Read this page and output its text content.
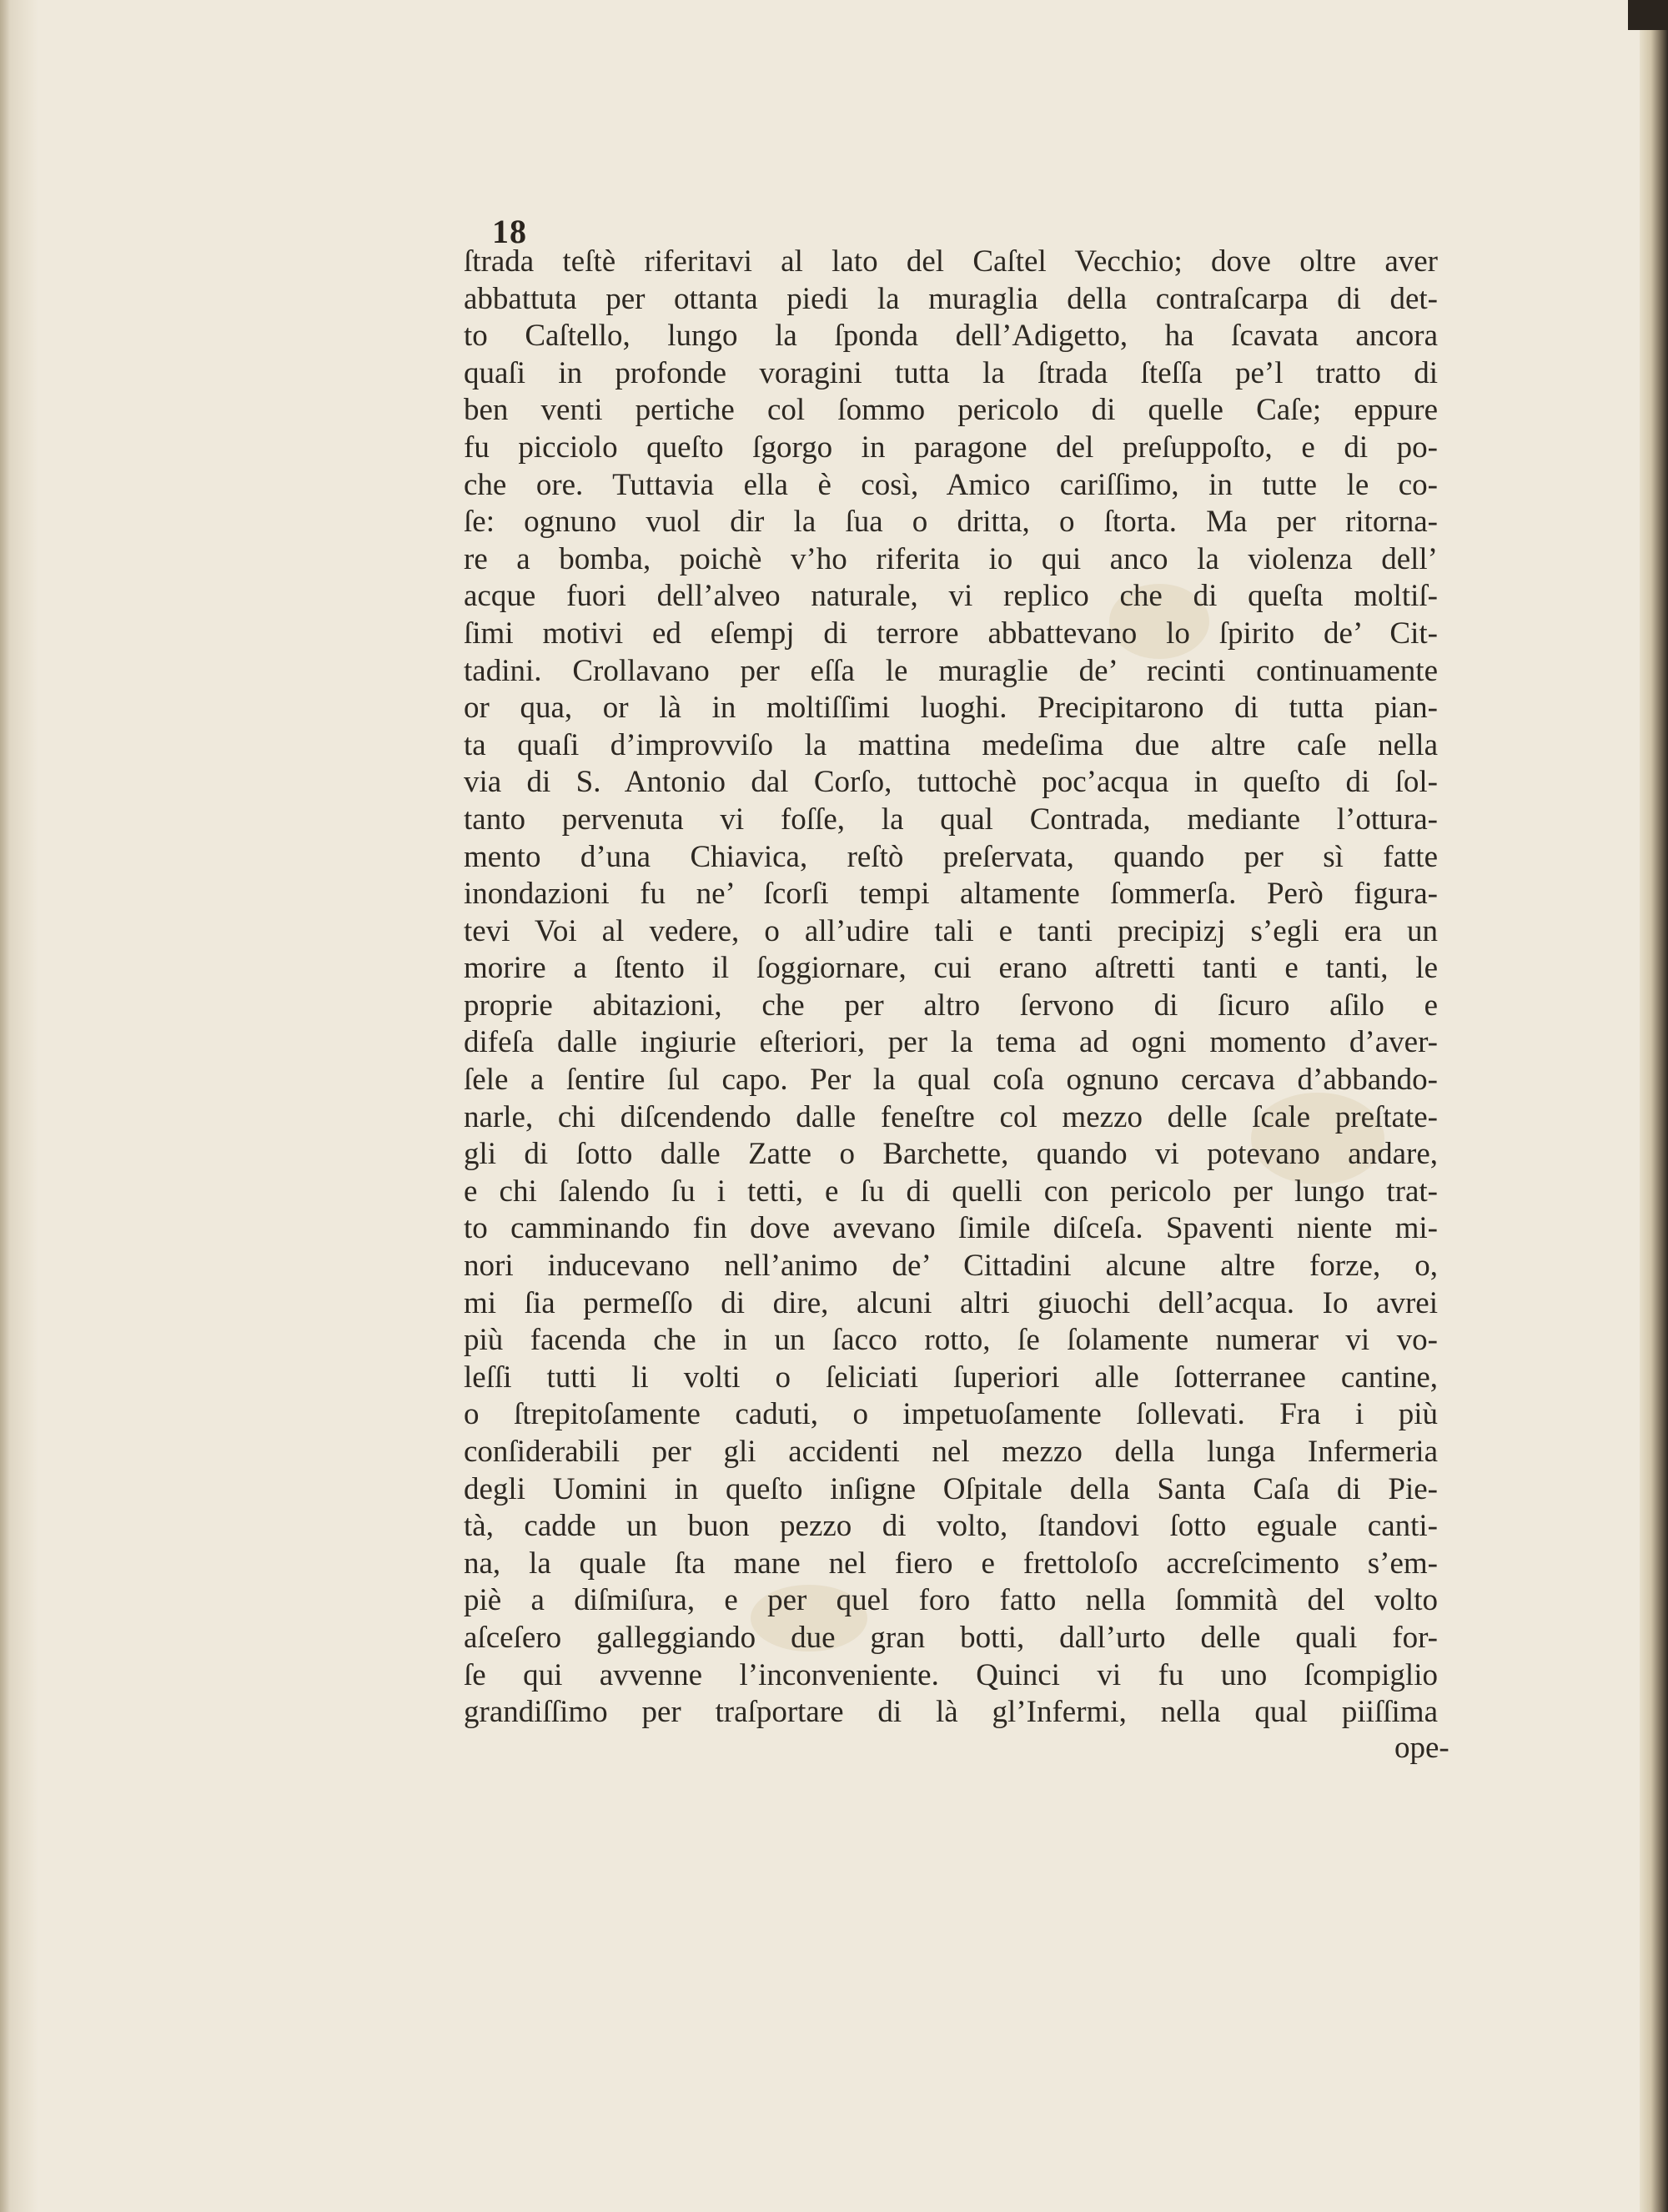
18
ſtrada teſtè riferitavi al lato del Caſtel Vecchio; dove oltre aver
abbattuta per ottanta piedi la muraglia della contraſcarpa di det-
to Caſtello, lungo la ſponda dell’Adigetto, ha ſcavata ancora
quaſi in profonde voragini tutta la ſtrada ſteſſa pe’l tratto di
ben venti pertiche col ſommo pericolo di quelle Caſe; eppure
fu picciolo queſto ſgorgo in paragone del preſuppoſto, e di po-
che ore. Tuttavia ella è così, Amico cariſſimo, in tutte le co-
ſe: ognuno vuol dir la ſua o dritta, o ſtorta. Ma per ritorna-
re a bomba, poichè v’ho riferita io qui anco la violenza dell’
acque fuori dell’alveo naturale, vi replico che di queſta moltiſ-
ſimi motivi ed eſempj di terrore abbattevano lo ſpirito de’ Cit-
tadini. Crollavano per eſſa le muraglie de’ recinti continuamente
or qua, or là in moltiſſimi luoghi. Precipitarono di tutta pian-
ta quaſi d’improvviſo la mattina medeſima due altre caſe nella
via di S. Antonio dal Corſo, tuttochè poc’acqua in queſto di ſol-
tanto pervenuta vi foſſe, la qual Contrada, mediante l’ottura-
mento d’una Chiavica, reſtò preſervata, quando per sì fatte
inondazioni fu ne’ ſcorſi tempi altamente ſommerſa. Però figura-
tevi Voi al vedere, o all’udire tali e tanti precipizj s’egli era un
morire a ſtento il ſoggiornare, cui erano aſtretti tanti e tanti, le
proprie abitazioni, che per altro ſervono di ſicuro aſilo e
difeſa dalle ingiurie eſteriori, per la tema ad ogni momento d’aver-
ſele a ſentire ſul capo. Per la qual coſa ognuno cercava d’abbando-
narle, chi diſcendendo dalle feneſtre col mezzo delle ſcale preſtate-
gli di ſotto dalle Zatte o Barchette, quando vi potevano andare,
e chi ſalendo ſu i tetti, e ſu di quelli con pericolo per lungo trat-
to camminando fin dove avevano ſimile diſceſa. Spaventi niente mi-
nori inducevano nell’animo de’ Cittadini alcune altre forze, o,
mi ſia permeſſo di dire, alcuni altri giuochi dell’acqua. Io avrei
più facenda che in un ſacco rotto, ſe ſolamente numerar vi vo-
leſſi tutti li volti o ſeliciati ſuperiori alle ſotterranee cantine,
o ſtrepitoſamente caduti, o impetuoſamente ſollevati. Fra i più
conſiderabili per gli accidenti nel mezzo della lunga Infermeria
degli Uomini in queſto inſigne Oſpitale della Santa Caſa di Pie-
tà, cadde un buon pezzo di volto, ſtandovi ſotto eguale canti-
na, la quale ſta mane nel fiero e frettoloſo accreſcimento s’em-
piè a diſmiſura, e per quel foro fatto nella ſommità del volto
aſceſero galleggiando due gran botti, dall’urto delle quali for-
ſe qui avvenne l’inconveniente. Quinci vi fu uno ſcompiglio
grandiſſimo per traſportare di là gl’Infermi, nella qual piiſſima
ope-
